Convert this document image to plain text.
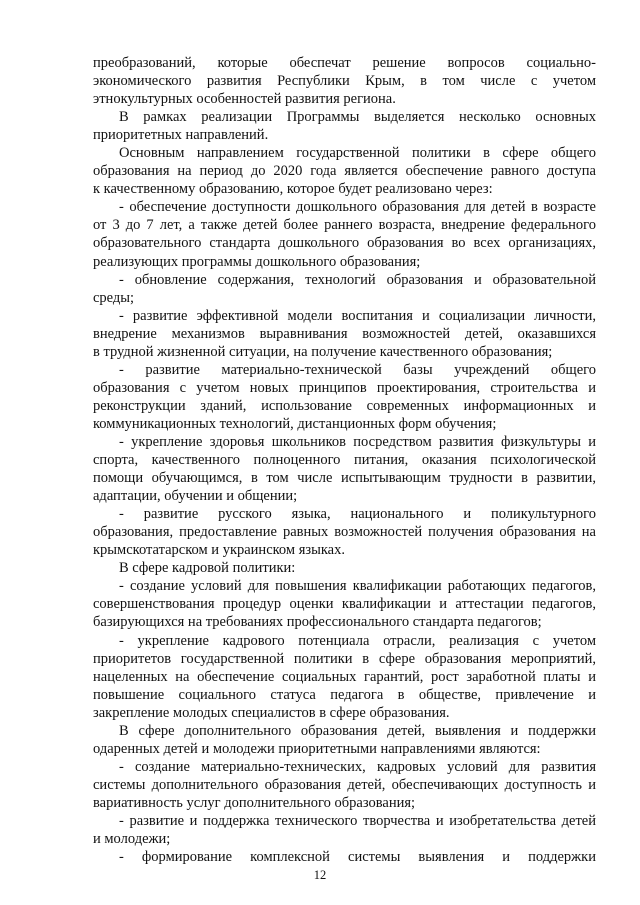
преобразований, которые обеспечат решение вопросов социально-
экономического развития Республики Крым, в том числе с учетом
этнокультурных особенностей развития региона.
В рамках реализации Программы выделяется несколько основных
приоритетных направлений.
Основным направлением государственной политики в сфере общего
образования на период до 2020 года является обеспечение равного доступа
к качественному образованию, которое будет реализовано через:
- обеспечение доступности дошкольного образования для детей в возрасте
от 3 до 7 лет, а также детей более раннего возраста, внедрение федерального
образовательного стандарта дошкольного образования во всех организациях,
реализующих программы дошкольного образования;
- обновление содержания, технологий образования и образовательной
среды;
- развитие эффективной модели воспитания и социализации личности,
внедрение механизмов выравнивания возможностей детей, оказавшихся
в трудной жизненной ситуации, на получение качественного образования;
- развитие материально-технической базы учреждений общего
образования с учетом новых принципов проектирования, строительства и
реконструкции зданий, использование современных информационных и
коммуникационных технологий, дистанционных форм обучения;
- укрепление здоровья школьников посредством развития физкультуры и
спорта, качественного полноценного питания, оказания психологической
помощи обучающимся, в том числе испытывающим трудности в развитии,
адаптации, обучении и общении;
- развитие русского языка, национального и поликультурного
образования, предоставление равных возможностей получения образования на
крымскотатарском и украинском языках.
В сфере кадровой политики:
- создание условий для повышения квалификации работающих педагогов,
совершенствования процедур оценки квалификации и аттестации педагогов,
базирующихся на требованиях профессионального стандарта педагогов;
- укрепление кадрового потенциала отрасли, реализация с учетом
приоритетов государственной политики в сфере образования мероприятий,
нацеленных на обеспечение социальных гарантий, рост заработной платы и
повышение социального статуса педагога в обществе, привлечение и
закрепление молодых специалистов в сфере образования.
В сфере дополнительного образования детей, выявления и поддержки
одаренных детей и молодежи приоритетными направлениями являются:
- создание материально-технических, кадровых условий для развития
системы дополнительного образования детей, обеспечивающих доступность и
вариативность услуг дополнительного образования;
- развитие и поддержка технического творчества и изобретательства детей
и молодежи;
- формирование комплексной системы выявления и поддержки
12
